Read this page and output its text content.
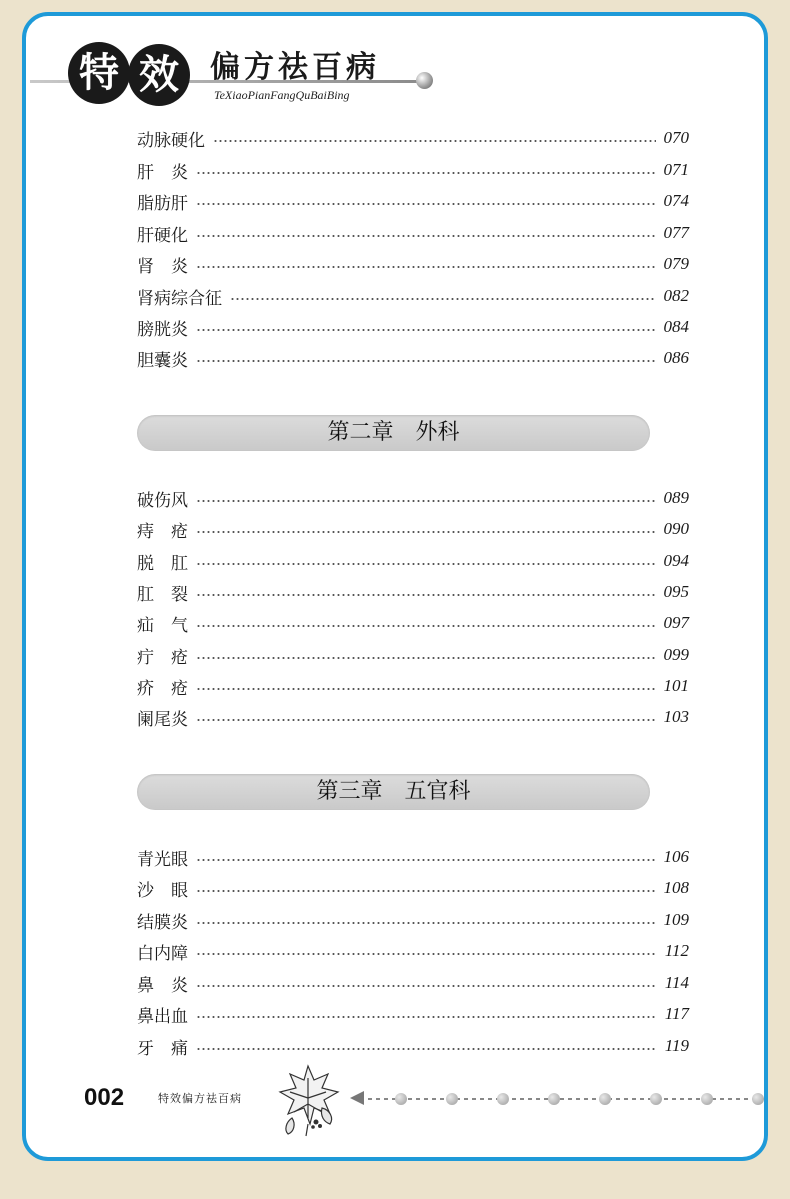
特 效	偏方祛百病
TeXiaoPianFangQuBaiBing
动脉硬化	070
肝　炎	071
脂肪肝	074
肝硬化	077
肾　炎	079
肾病综合征	082
膀胱炎	084
胆囊炎	086
第二章　外科
破伤风	089
痔　疮	090
脱　肛	094
肛　裂	095
疝　气	097
疔　疮	099
疥　疮	101
阑尾炎	103
第三章　五官科
青光眼	106
沙　眼	108
结膜炎	109
白内障	112
鼻　炎	114
鼻出血	117
牙　痛	119
002	特效偏方祛百病
